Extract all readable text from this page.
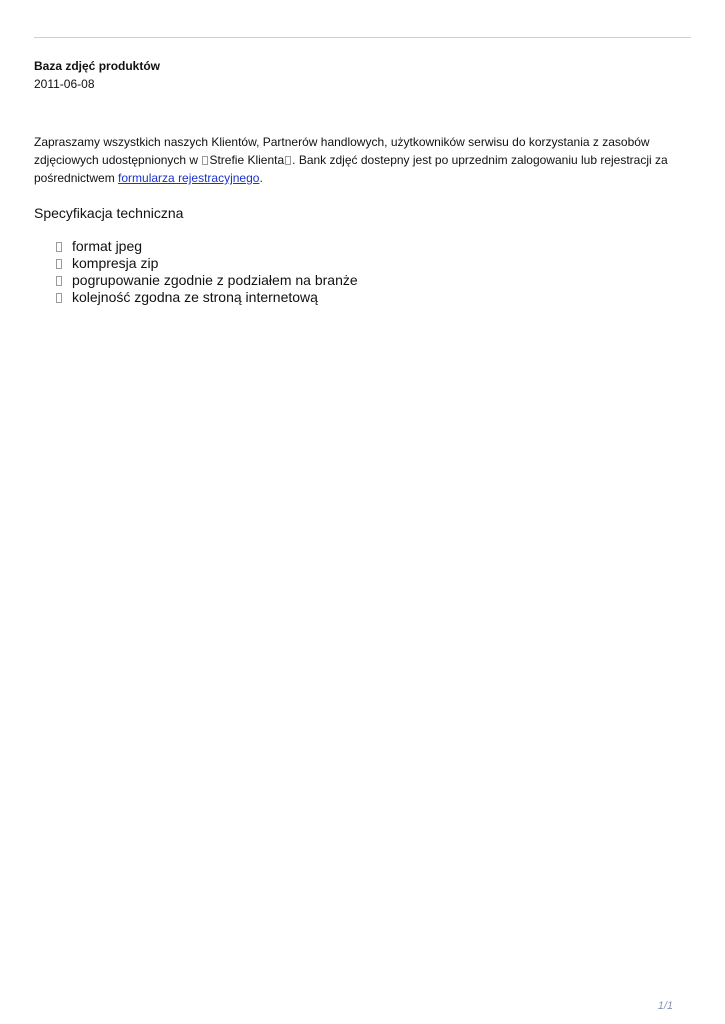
Baza zdjęć produktów

2011-06-08

Zapraszamy wszystkich naszych Klientów, Partnerów handlowych, użytkowników serwisu do korzystania z zasobów zdjęciowych udostępnionych w Strefie Klienta . Bank zdjęć dostepny jest po uprzednim zalogowaniu lub rejestracji za pośrednictwem formularza rejestracyjnego.

Specyfikacja techniczna

format jpeg
kompresja zip
pogrupowanie zgodnie z podziałem na branże
kolejność zgodna ze stroną internetową
1/1
